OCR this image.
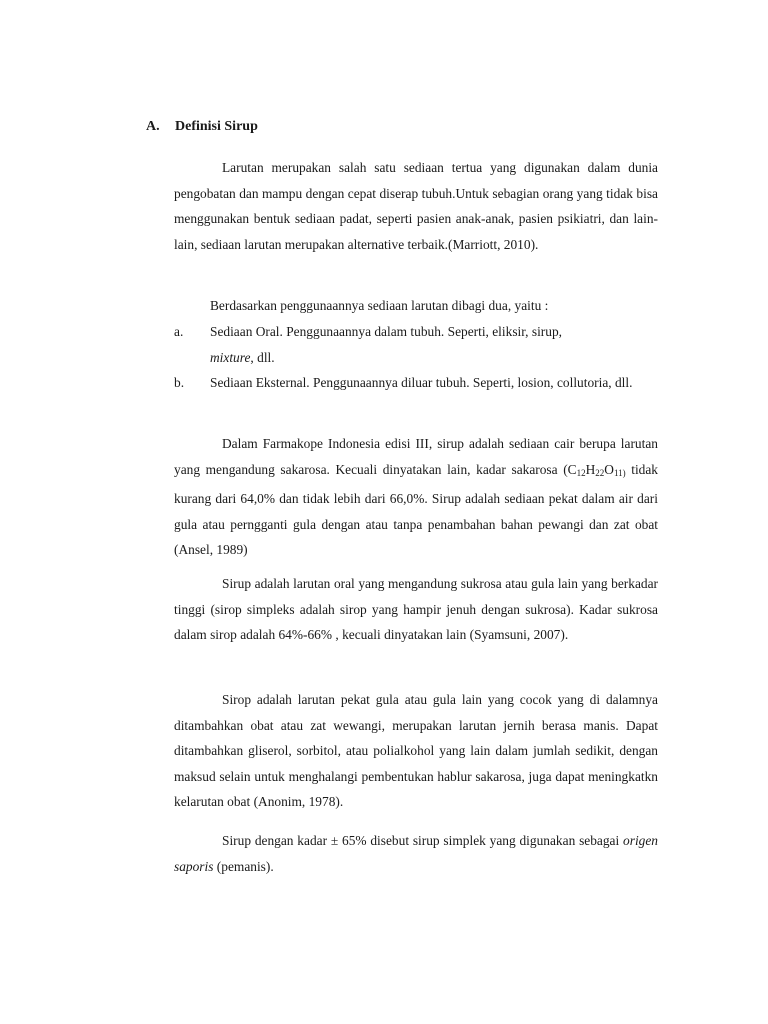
A. Definisi Sirup

Larutan merupakan salah satu sediaan tertua yang digunakan dalam dunia pengobatan dan mampu dengan cepat diserap tubuh.Untuk sebagian orang yang tidak bisa menggunakan bentuk sediaan padat, seperti pasien anak-anak, pasien psikiatri, dan lain-lain, sediaan larutan merupakan alternative terbaik.(Marriott, 2010).

Berdasarkan penggunaannya sediaan larutan dibagi dua, yaitu :

a. Sediaan Oral. Penggunaannya dalam tubuh. Seperti, eliksir, sirup,
mixture, dll.
b. Sediaan Eksternal. Penggunaannya diluar tubuh. Seperti, losion, collutoria, dll.

Dalam Farmakope Indonesia edisi III, sirup adalah sediaan cair berupa larutan yang mengandung sakarosa. Kecuali dinyatakan lain, kadar sakarosa ($C_{12}H_{22}O_{11)}$ tidak kurang dari 64,0% dan tidak lebih dari 66,0%. Sirup adalah sediaan pekat dalam air dari gula atau perngganti gula dengan atau tanpa penambahan bahan pewangi dan zat obat (Ansel, 1989)

Sirup adalah larutan oral yang mengandung sukrosa atau gula lain yang berkadar tinggi (sirop simpleks adalah sirop yang hampir jenuh dengan sukrosa). Kadar sukrosa dalam sirop adalah 64%-66% , kecuali dinyatakan lain (Syamsuni, 2007).

Sirop adalah larutan pekat gula atau gula lain yang cocok yang di dalamnya ditambahkan obat atau zat wewangi, merupakan larutan jernih berasa manis. Dapat ditambahkan gliserol, sorbitol, atau polialkohol yang lain dalam jumlah sedikit, dengan maksud selain untuk menghalangi pembentukan hablur sakarosa, juga dapat meningkatkn kelarutan obat (Anonim, 1978).

Sirup dengan kadar ± 65% disebut sirup simplek yang digunakan sebagai origen saporis (pemanis).
